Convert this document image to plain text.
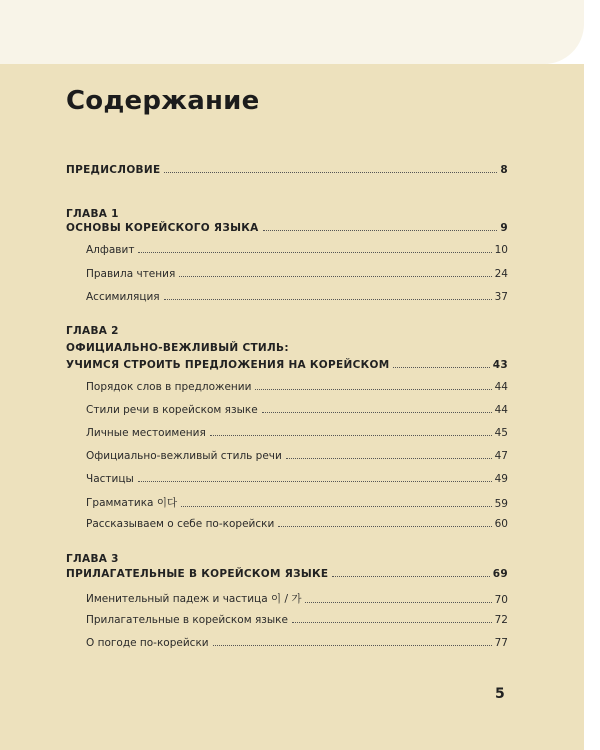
Содержание
ПРЕДИСЛОВИЕ	8
ГЛАВА 1
ОСНОВЫ КОРЕЙСКОГО ЯЗЫКА	9
Алфавит	10
Правила чтения	24
Ассимиляция	37
ГЛАВА 2
ОФИЦИАЛЬНО-ВЕЖЛИВЫЙ СТИЛЬ:
УЧИМСЯ СТРОИТЬ ПРЕДЛОЖЕНИЯ НА КОРЕЙСКОМ	43
Порядок слов в предложении	44
Стили речи в корейском языке	44
Личные местоимения	45
Официально-вежливый стиль речи	47
Частицы	49
Грамматика 이다	59
Рассказываем о себе по-корейски	60
ГЛАВА 3
ПРИЛАГАТЕЛЬНЫЕ В КОРЕЙСКОМ ЯЗЫКЕ	69
Именительный падеж и частица 이 / 가	70
Прилагательные в корейском языке	72
О погоде по-корейски	77
5
